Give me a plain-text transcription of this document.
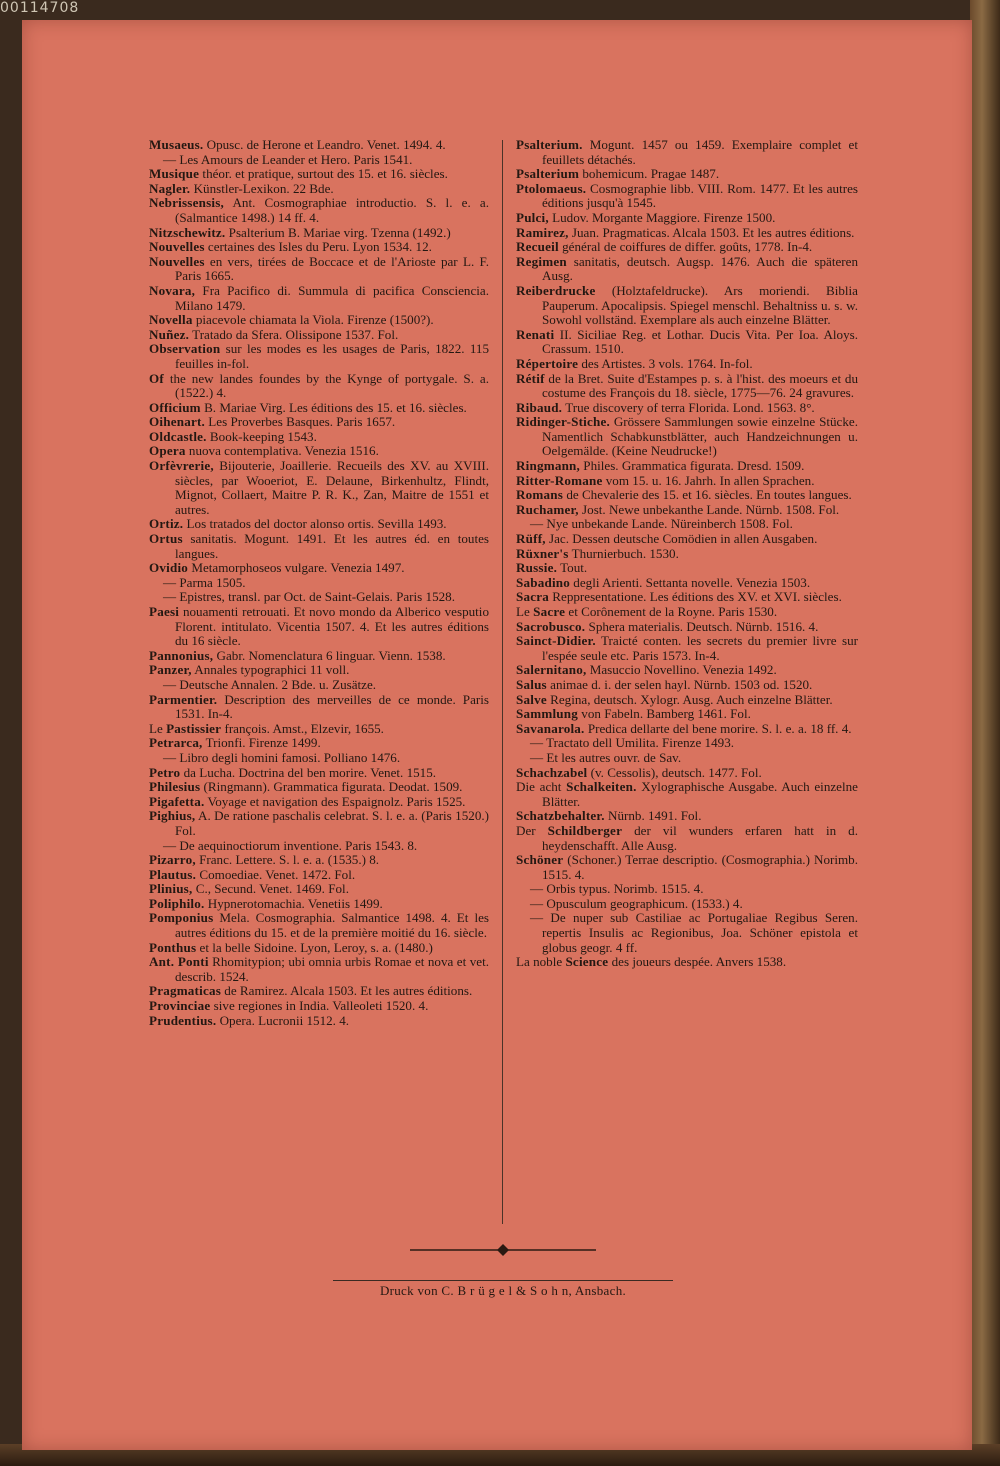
00114708

Musaeus. Opusc. de Herone et Leandro. Venet. 1494. 4.

— Les Amours de Leander et Hero. Paris 1541.

Musique théor. et pratique, surtout des 15. et 16. siècles.

Nagler. Künstler-Lexikon. 22 Bde.

Nebrissensis, Ant. Cosmographiae introductio. S. l. e. a. (Salmantice 1498.) 14 ff. 4.

Nitzschewitz. Psalterium B. Mariae virg. Tzenna (1492.)

Nouvelles certaines des Isles du Peru. Lyon 1534. 12.

Nouvelles en vers, tirées de Boccace et de l'Arioste par L. F. Paris 1665.

Novara, Fra Pacifico di. Summula di pacifica Consciencia. Milano 1479.

Novella piacevole chiamata la Viola. Firenze (1500?).

Nuñez. Tratado da Sfera. Olissipone 1537. Fol.

Observation sur les modes es les usages de Paris, 1822. 115 feuilles in-fol.

Of the new landes foundes by the Kynge of portygale. S. a. (1522.) 4.

Officium B. Mariae Virg. Les éditions des 15. et 16. siècles.

Oihenart. Les Proverbes Basques. Paris 1657.

Oldcastle. Book-keeping 1543.

Opera nuova contemplativa. Venezia 1516.

Orfèvrerie, Bijouterie, Joaillerie. Recueils des XV. au XVIII. siècles, par Wooeriot, E. Delaune, Birkenhultz, Flindt, Mignot, Collaert, Maitre P. R. K., Zan, Maitre de 1551 et autres.

Ortiz. Los tratados del doctor alonso ortis. Sevilla 1493.

Ortus sanitatis. Mogunt. 1491. Et les autres éd. en toutes langues.

Ovidio Metamorphoseos vulgare. Venezia 1497.

— Parma 1505.

— Epistres, transl. par Oct. de Saint-Gelais. Paris 1528.

Paesi nouamenti retrouati. Et novo mondo da Alberico vesputio Florent. intitulato. Vicentia 1507. 4. Et les autres éditions du 16 siècle.

Pannonius, Gabr. Nomenclatura 6 linguar. Vienn. 1538.

Panzer, Annales typographici 11 voll.

— Deutsche Annalen. 2 Bde. u. Zusätze.

Parmentier. Description des merveilles de ce monde. Paris 1531. In-4.

Le Pastissier françois. Amst., Elzevir, 1655.

Petrarca, Trionfi. Firenze 1499.

— Libro degli homini famosi. Polliano 1476.

Petro da Lucha. Doctrina del ben morire. Venet. 1515.

Philesius (Ringmann). Grammatica figurata. Deodat. 1509.

Pigafetta. Voyage et navigation des Espaignolz. Paris 1525.

Pighius, A. De ratione paschalis celebrat. S. l. e. a. (Paris 1520.) Fol.

— De aequinoctiorum inventione. Paris 1543. 8.

Pizarro, Franc. Lettere. S. l. e. a. (1535.) 8.

Plautus. Comoediae. Venet. 1472. Fol.

Plinius, C., Secund. Venet. 1469. Fol.

Poliphilo. Hypnerotomachia. Venetiis 1499.

Pomponius Mela. Cosmographia. Salmantice 1498. 4. Et les autres éditions du 15. et de la première moitié du 16. siècle.

Ponthus et la belle Sidoine. Lyon, Leroy, s. a. (1480.)

Ant. Ponti Rhomitypion; ubi omnia urbis Romae et nova et vet. describ. 1524.

Pragmaticas de Ramirez. Alcala 1503. Et les autres éditions.

Provinciae sive regiones in India. Valleoleti 1520. 4.

Prudentius. Opera. Lucronii 1512. 4.

Psalterium. Mogunt. 1457 ou 1459. Exemplaire complet et feuillets détachés.

Psalterium bohemicum. Pragae 1487.

Ptolomaeus. Cosmographie libb. VIII. Rom. 1477. Et les autres éditions jusqu'à 1545.

Pulci, Ludov. Morgante Maggiore. Firenze 1500.

Ramirez, Juan. Pragmaticas. Alcala 1503. Et les autres éditions.

Recueil général de coiffures de differ. goûts, 1778. In-4.

Regimen sanitatis, deutsch. Augsp. 1476. Auch die späteren Ausg.

Reiberdrucke (Holztafeldrucke). Ars moriendi. Biblia Pauperum. Apocalipsis. Spiegel menschl. Behaltniss u. s. w. Sowohl vollständ. Exemplare als auch einzelne Blätter.

Renati II. Siciliae Reg. et Lothar. Ducis Vita. Per Ioa. Aloys. Crassum. 1510.

Répertoire des Artistes. 3 vols. 1764. In-fol.

Rétif de la Bret. Suite d'Estampes p. s. à l'hist. des moeurs et du costume des François du 18. siècle, 1775—76. 24 gravures.

Ribaud. True discovery of terra Florida. Lond. 1563. 8°.

Ridinger-Stiche. Grössere Sammlungen sowie einzelne Stücke. Namentlich Schabkunstblätter, auch Handzeichnungen u. Oelgemälde. (Keine Neudrucke!)

Ringmann, Philes. Grammatica figurata. Dresd. 1509.

Ritter-Romane vom 15. u. 16. Jahrh. In allen Sprachen.

Romans de Chevalerie des 15. et 16. siècles. En toutes langues.

Ruchamer, Jost. Newe unbekanthe Lande. Nürnb. 1508. Fol.

— Nye unbekande Lande. Nüreinberch 1508. Fol.

Rüff, Jac. Dessen deutsche Comödien in allen Ausgaben.

Rüxner's Thurnierbuch. 1530.

Russie. Tout.

Sabadino degli Arienti. Settanta novelle. Venezia 1503.

Sacra Reppresentatione. Les éditions des XV. et XVI. siècles.

Le Sacre et Corônement de la Royne. Paris 1530.

Sacrobusco. Sphera materialis. Deutsch. Nürnb. 1516. 4.

Sainct-Didier. Traicté conten. les secrets du premier livre sur l'espée seule etc. Paris 1573. In-4.

Salernitano, Masuccio Novellino. Venezia 1492.

Salus animae d. i. der selen hayl. Nürnb. 1503 od. 1520.

Salve Regina, deutsch. Xylogr. Ausg. Auch einzelne Blätter.

Sammlung von Fabeln. Bamberg 1461. Fol.

Savanarola. Predica dellarte del bene morire. S. l. e. a. 18 ff. 4.

— Tractato dell Umilita. Firenze 1493.

— Et les autres ouvr. de Sav.

Schachzabel (v. Cessolis), deutsch. 1477. Fol.

Die acht Schalkeiten. Xylographische Ausgabe. Auch einzelne Blätter.

Schatzbehalter. Nürnb. 1491. Fol.

Der Schildberger der vil wunders erfaren hatt in d. heydenschafft. Alle Ausg.

Schöner (Schoner.) Terrae descriptio. (Cosmographia.) Norimb. 1515. 4.

— Orbis typus. Norimb. 1515. 4.

— Opusculum geographicum. (1533.) 4.

— De nuper sub Castiliae ac Portugaliae Regibus Seren. repertis Insulis ac Regionibus, Joa. Schöner epistola et globus geogr. 4 ff.

La noble Science des joueurs despée. Anvers 1538.

Druck von C. B r ü g e l & S o h n, Ansbach.
